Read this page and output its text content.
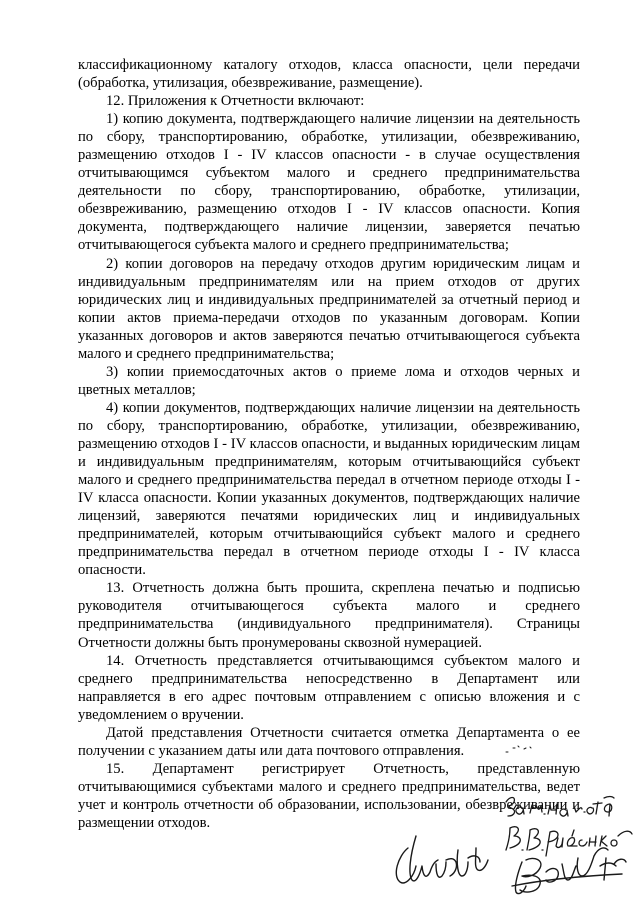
классификационному каталогу отходов, класса опасности, цели передачи (обработка, утилизация, обезвреживание, размещение).

12. Приложения к Отчетности включают:

1) копию документа, подтверждающего наличие лицензии на деятельность по сбору, транспортированию, обработке, утилизации, обезвреживанию, размещению отходов I - IV классов опасности - в случае осуществления отчитывающимся субъектом малого и среднего предпринимательства деятельности по сбору, транспортированию, обработке, утилизации, обезвреживанию, размещению отходов I - IV классов опасности. Копия документа, подтверждающего наличие лицензии, заверяется печатью отчитывающегося субъекта малого и среднего предпринимательства;

2) копии договоров на передачу отходов другим юридическим лицам и индивидуальным предпринимателям или на прием отходов от других юридических лиц и индивидуальных предпринимателей за отчетный период и копии актов приема-передачи отходов по указанным договорам. Копии указанных договоров и актов заверяются печатью отчитывающегося субъекта малого и среднего предпринимательства;

3) копии приемосдаточных актов о приеме лома и отходов черных и цветных металлов;

4) копии документов, подтверждающих наличие лицензии на деятельность по сбору, транспортированию, обработке, утилизации, обезвреживанию, размещению отходов I - IV классов опасности, и выданных юридическим лицам и индивидуальным предпринимателям, которым отчитывающийся субъект малого и среднего предпринимательства передал в отчетном периоде отходы I - IV класса опасности. Копии указанных документов, подтверждающих наличие лицензий, заверяются печатями юридических лиц и индивидуальных предпринимателей, которым отчитывающийся субъект малого и среднего предпринимательства передал в отчетном периоде отходы I - IV класса опасности.

13. Отчетность должна быть прошита, скреплена печатью и подписью руководителя отчитывающегося субъекта малого и среднего предпринимательства (индивидуального предпринимателя). Страницы Отчетности должны быть пронумерованы сквозной нумерацией.

14. Отчетность представляется отчитывающимся субъектом малого и среднего предпринимательства непосредственно в Департамент или направляется в его адрес почтовым отправлением с описью вложения и с уведомлением о вручении.

Датой представления Отчетности считается отметка Департамента о ее получении с указанием даты или дата почтового отправления.

15. Департамент регистрирует Отчетность, представленную отчитывающимися субъектами малого и среднего предпринимательства, ведет учет и контроль отчетности об образовании, использовании, обезвреживании и размещении отходов.
